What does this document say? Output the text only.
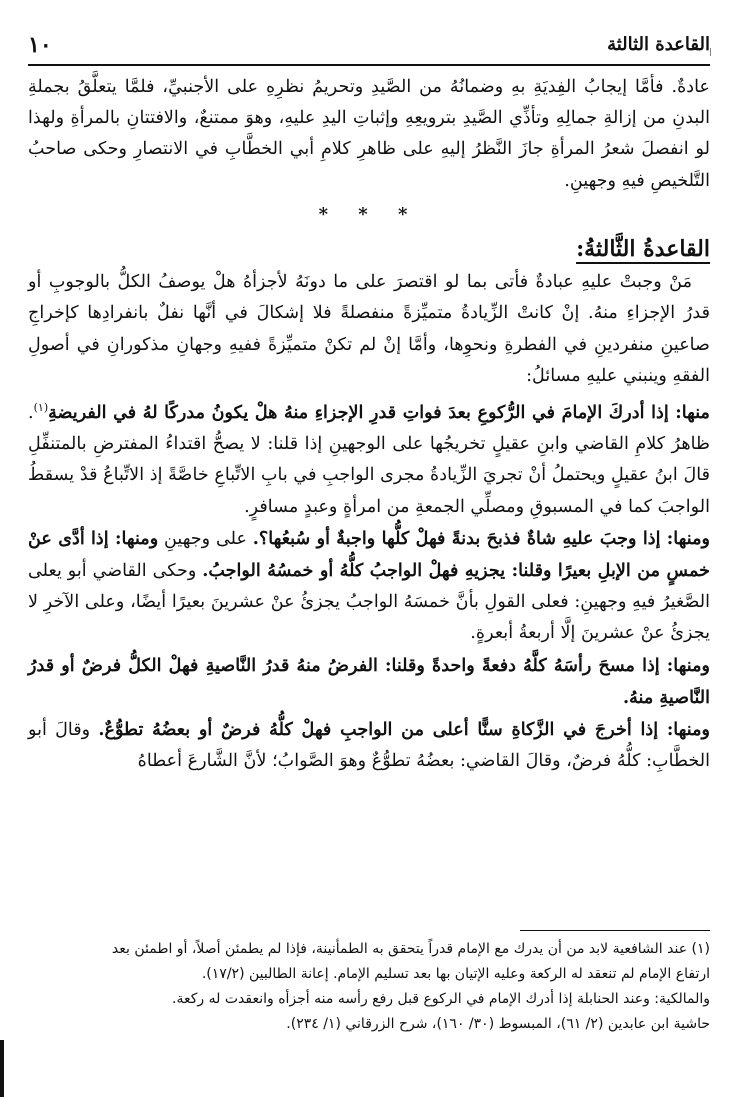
القاعدة الثالثة
١٠

عادةٌ. فأمَّا إيجابُ الفِديَةِ بهِ وضمانُهُ من الصَّيدِ وتحريمُ نظرِهِ على الأجنبيِّ، فلمَّا يتعلَّقُ بجملةِ البدنِ من إزالةِ جمالِهِ وتأذِّي الصَّيدِ بترويعِهِ وإثباتِ اليدِ عليهِ، وهوَ ممتنعٌ، والافتتانِ بالمرأةِ ولهذا لو انفصلَ شعرُ المرأةِ جازَ النَّظرُ إليهِ على ظاهرِ كلامِ أبي الخطَّابِ في الانتصارِ وحكى صاحبُ التَّلخيصِ فيهِ وجهينِ.

* * *
القاعدةُ الثَّالثةُ:

مَنْ وجبتْ عليهِ عبادةٌ فأتى بما لو اقتصرَ على ما دونَهُ لأجزأهُ هلْ يوصفُ الكلُّ بالوجوبِ أو قدرُ الإجزاءِ منهُ. إنْ كانتْ الزِّيادةُ متميِّزةً منفصلةً فلا إشكالَ في أنَّها نفلٌ بانفرادِها كإخراجِ صاعينِ منفردينِ في الفطرةِ ونحوِها، وأمَّا إنْ لم تكنْ متميِّزةً ففيهِ وجهانِ مذكورانِ في أصولِ الفقهِ وينبني عليهِ مسائلُ:

منها: إذا أدركَ الإمامَ في الرُّكوعِ بعدَ فواتِ قدرِ الإجزاءِ منهُ هلْ يكونُ مدركًا لهُ في الفريضةِ$^{(١)}$. ظاهرُ كلامِ القاضي وابنِ عقيلٍ تخريجُها على الوجهينِ إذا قلنا: لا يصحُّ اقتداءُ المفترضِ بالمتنفِّلِ قالَ ابنُ عقيلٍ ويحتملُ أنْ تجريَ الزِّيادةُ مجرى الواجبِ في بابِ الاتِّباعِ خاصَّةً إذ الاتِّباعُ قدْ يسقطُ الواجبَ كما في المسبوقِ ومصلِّي الجمعةِ من امرأةٍ وعبدٍ مسافرٍ.

ومنها: إذا وجبَ عليهِ شاةٌ فذبحَ بدنةً فهلْ كلُّها واجبةٌ أو سُبعُها؟. على وجهينِ ومنها: إذا أدَّى عنْ خمسٍ من الإبلِ بعيرًا وقلنا: يجزيهِ فهلْ الواجبُ كلُّهُ أو خمسُهُ الواجبُ. وحكى القاضي أبو يعلى الصَّغيرُ فيهِ وجهينِ: فعلى القولِ بأنَّ خمسَهُ الواجبُ يجزئُ عنْ عشرينَ بعيرًا أيضًا، وعلى الآخرِ لا يجزئُ عنْ عشرينَ إلَّا أربعةُ أبعرةٍ.

ومنها: إذا مسحَ رأسَهُ كلَّهُ دفعةً واحدةً وقلنا: الفرضُ منهُ قدرُ النَّاصيةِ فهلْ الكلُّ فرضٌ أو قدرُ النَّاصيةِ منهُ.

ومنها: إذا أخرجَ في الزَّكاةِ سنًّا أعلى من الواجبِ فهلْ كلُّهُ فرضٌ أو بعضُهُ تطوُّعٌ. وقالَ أبو الخطَّابِ: كلُّهُ فرضٌ، وقالَ القاضي: بعضُهُ تطوُّعٌ وهوَ الصَّوابُ؛ لأنَّ الشَّارعَ أعطاهُ

(١) عند الشافعية لابد من أن يدرك مع الإمام قدراً يتحقق به الطمأنينة، فإذا لم يطمئن أصلاً، أو اطمئن بعد

ارتفاع الإمام لم تنعقد له الركعة وعليه الإتيان بها بعد تسليم الإمام. إعانة الطالبين (١٧/٢).

والمالكية: وعند الحنابلة إذا أدرك الإمام في الركوع قبل رفع رأسه منه أجزأه وانعقدت له ركعة.

حاشية ابن عابدين (٢/ ٦١)، المبسوط (٣٠/ ١٦٠)، شرح الزرقاني (١/ ٢٣٤).
